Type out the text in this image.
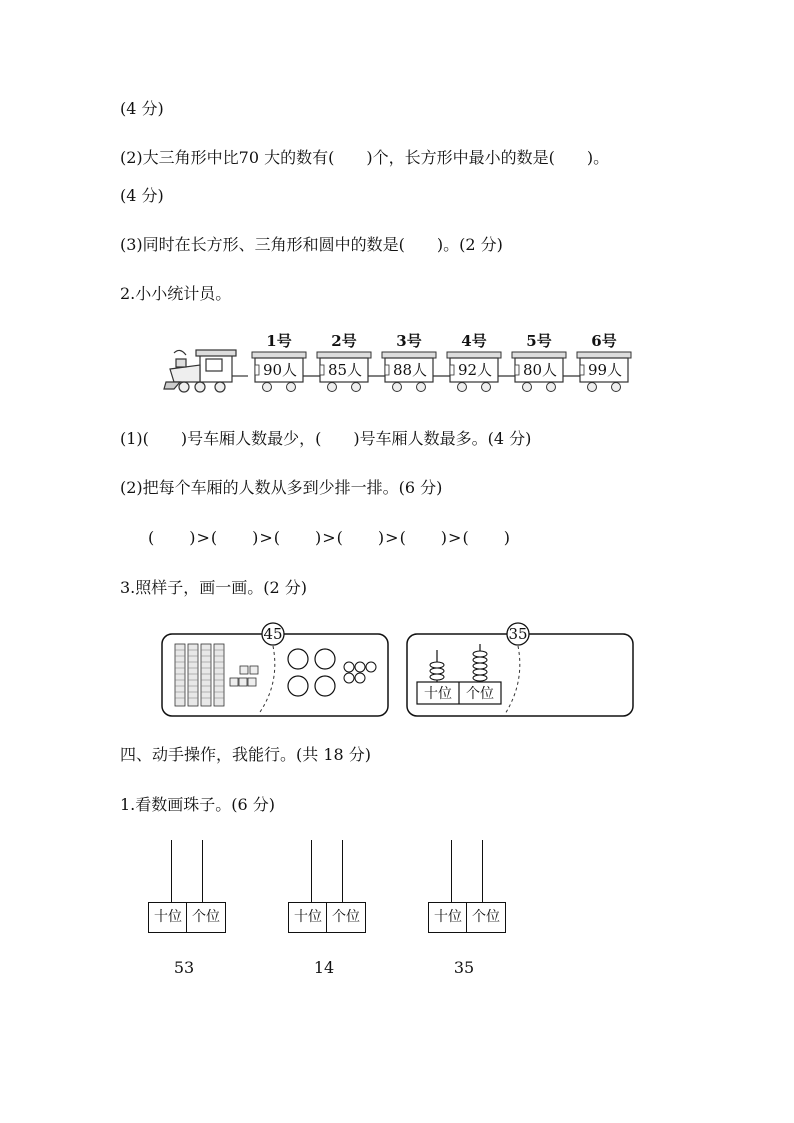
(4 分)
(2)大三角形中比70 大的数有(　　)个，长方形中最小的数是(　　)。
(4 分)
(3)同时在长方形、三角形和圆中的数是(　　)。(2 分)
2.小小统计员。
1号
90人
2号
85人
3号
88人
4号
92人
5号
80人
6号
99人
(1)(　　)号车厢人数最少，(　　)号车厢人数最多。(4 分)
(2)把每个车厢的人数从多到少排一排。(6 分)
(　　)>(　　)>(　　)>(　　)>(　　)>(　　)
3.照样子，画一画。(2 分)
45	35
十位	个位
四、动手操作，我能行。(共 18 分)
1.看数画珠子。(6 分)
十位 个位
53
十位 个位
14
十位 个位
35
